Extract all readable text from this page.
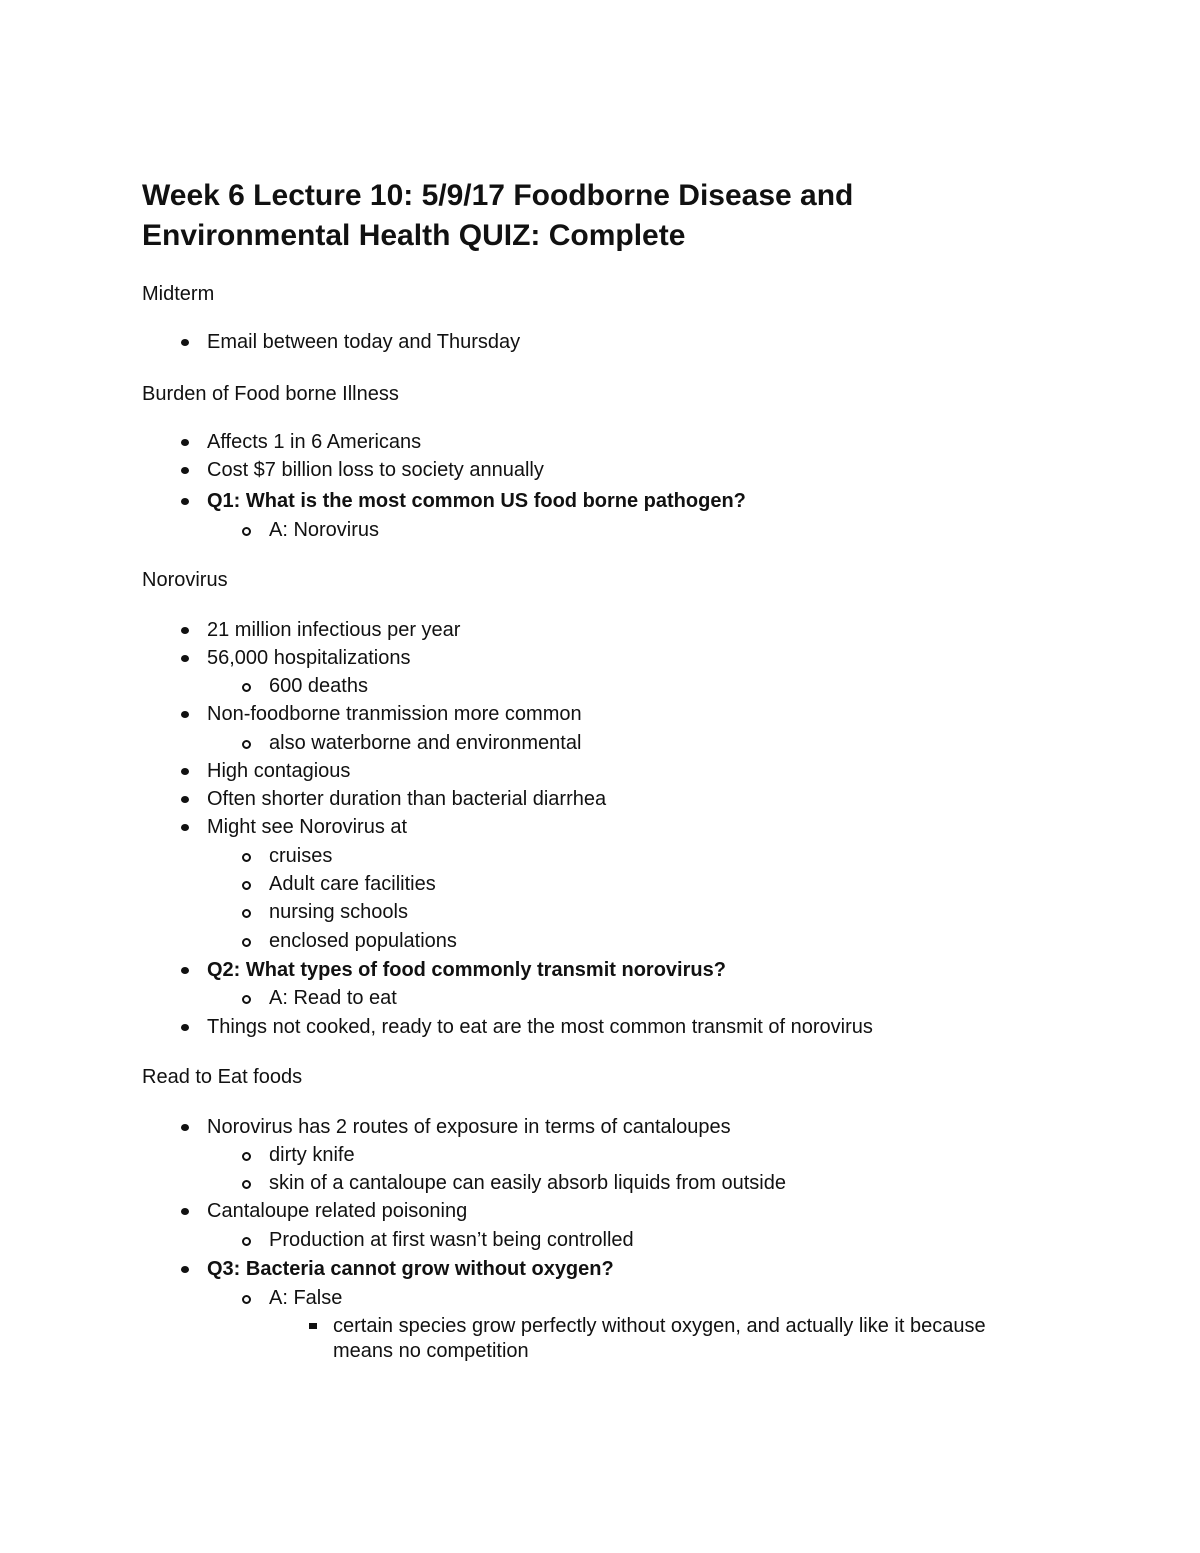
Week 6 Lecture 10: 5/9/17 Foodborne Disease and
Environmental Health QUIZ: Complete

Midterm

Email between today and Thursday

Burden of Food borne Illness

Affects 1 in 6 Americans
Cost $7 billion loss to society annually
Q1: What is the most common US food borne pathogen?
A: Norovirus

Norovirus

21 million infectious per year
56,000 hospitalizations
600 deaths
Non-foodborne tranmission more common
also waterborne and environmental
High contagious
Often shorter duration than bacterial diarrhea
Might see Norovirus at
cruises
Adult care facilities
nursing schools
enclosed populations
Q2: What types of food commonly transmit norovirus?
A: Read to eat
Things not cooked, ready to eat are the most common transmit of norovirus

Read to Eat foods

Norovirus has 2 routes of exposure in terms of cantaloupes
dirty knife
skin of a cantaloupe can easily absorb liquids from outside
Cantaloupe related poisoning
Production at first wasn’t being controlled
Q3: Bacteria cannot grow without oxygen?
A: False
certain species grow perfectly without oxygen, and actually like it because means no competition
